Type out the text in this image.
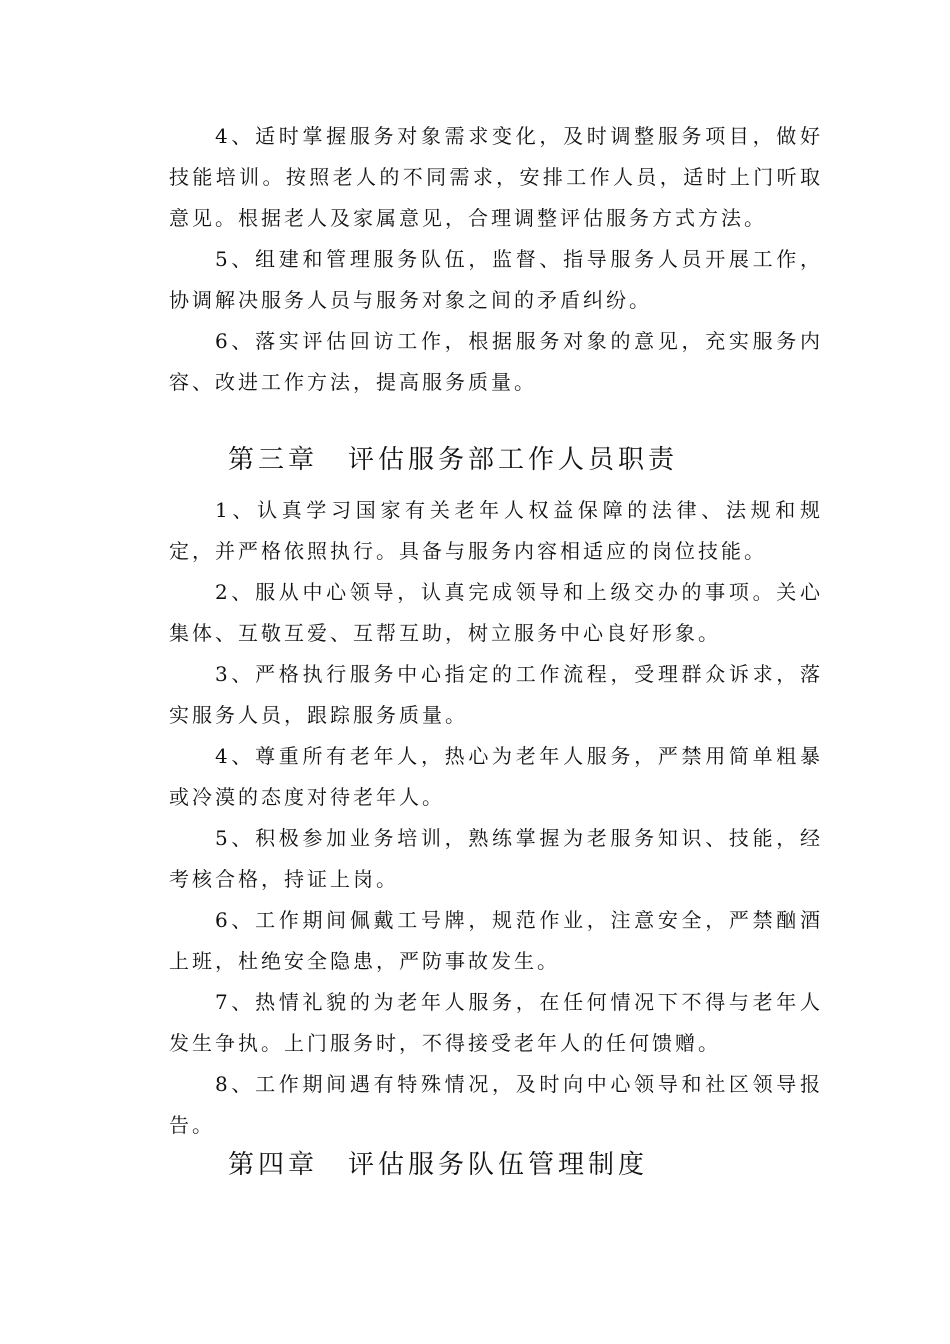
4、适时掌握服务对象需求变化，及时调整服务项目，做好技能培训。按照老人的不同需求，安排工作人员，适时上门听取意见。根据老人及家属意见，合理调整评估服务方式方法。

5、组建和管理服务队伍，监督、指导服务人员开展工作，协调解决服务人员与服务对象之间的矛盾纠纷。

6、落实评估回访工作，根据服务对象的意见，充实服务内容、改进工作方法，提高服务质量。

第三章　评估服务部工作人员职责

1、认真学习国家有关老年人权益保障的法律、法规和规定，并严格依照执行。具备与服务内容相适应的岗位技能。

2、服从中心领导，认真完成领导和上级交办的事项。关心集体、互敬互爱、互帮互助，树立服务中心良好形象。

3、严格执行服务中心指定的工作流程，受理群众诉求，落实服务人员，跟踪服务质量。

4、尊重所有老年人，热心为老年人服务，严禁用简单粗暴或冷漠的态度对待老年人。

5、积极参加业务培训，熟练掌握为老服务知识、技能，经考核合格，持证上岗。

6、工作期间佩戴工号牌，规范作业，注意安全，严禁酗酒上班，杜绝安全隐患，严防事故发生。

7、热情礼貌的为老年人服务，在任何情况下不得与老年人发生争执。上门服务时，不得接受老年人的任何馈赠。

8、工作期间遇有特殊情况，及时向中心领导和社区领导报告。

第四章　评估服务队伍管理制度
